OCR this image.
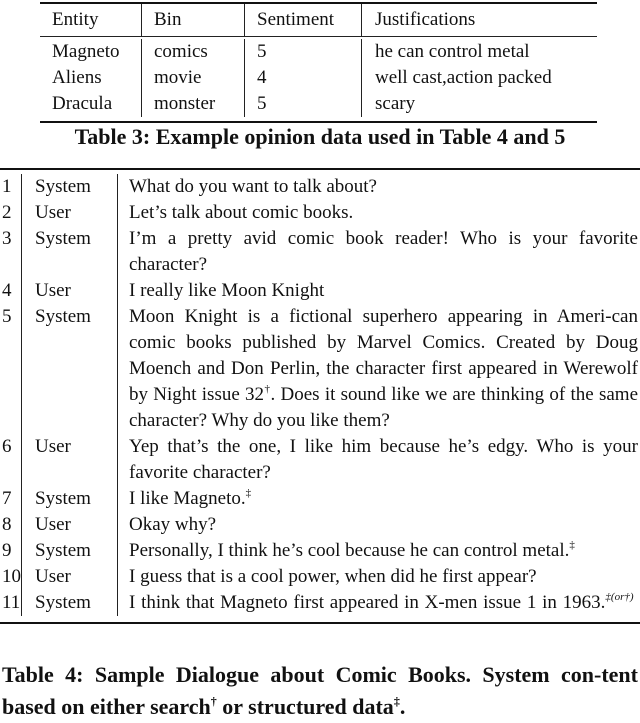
Entity	Bin	Sentiment	Justifications
Magneto	comics	5	he can control metal
Aliens	movie	4	well cast,action packed
Dracula	monster	5	scary
Table 3: Example opinion data used in Table 4 and 5
1	System	What do you want to talk about?
2	User	Let’s talk about comic books.
3	System	I’m a pretty avid comic book reader! Who is your favorite character?
4	User	I really like Moon Knight
5	System	Moon Knight is a fictional superhero appearing in Ameri-can comic books published by Marvel Comics. Created by Doug Moench and Don Perlin, the character first appeared in Werewolf by Night issue 32†. Does it sound like we are thinking of the same character? Why do you like them?
6	User	Yep that’s the one, I like him because he’s edgy. Who is your favorite character?
7	System	I like Magneto.‡
8	User	Okay why?
9	System	Personally, I think he’s cool because he can control metal.‡
10 User	I guess that is a cool power, when did he first appear?
11 System	I think that Magneto first appeared in X-men issue 1 in 1963.$^{\ddagger(or\dagger)}$
Table 4: Sample Dialogue about Comic Books. System con-tent based on either search† or structured data‡.
